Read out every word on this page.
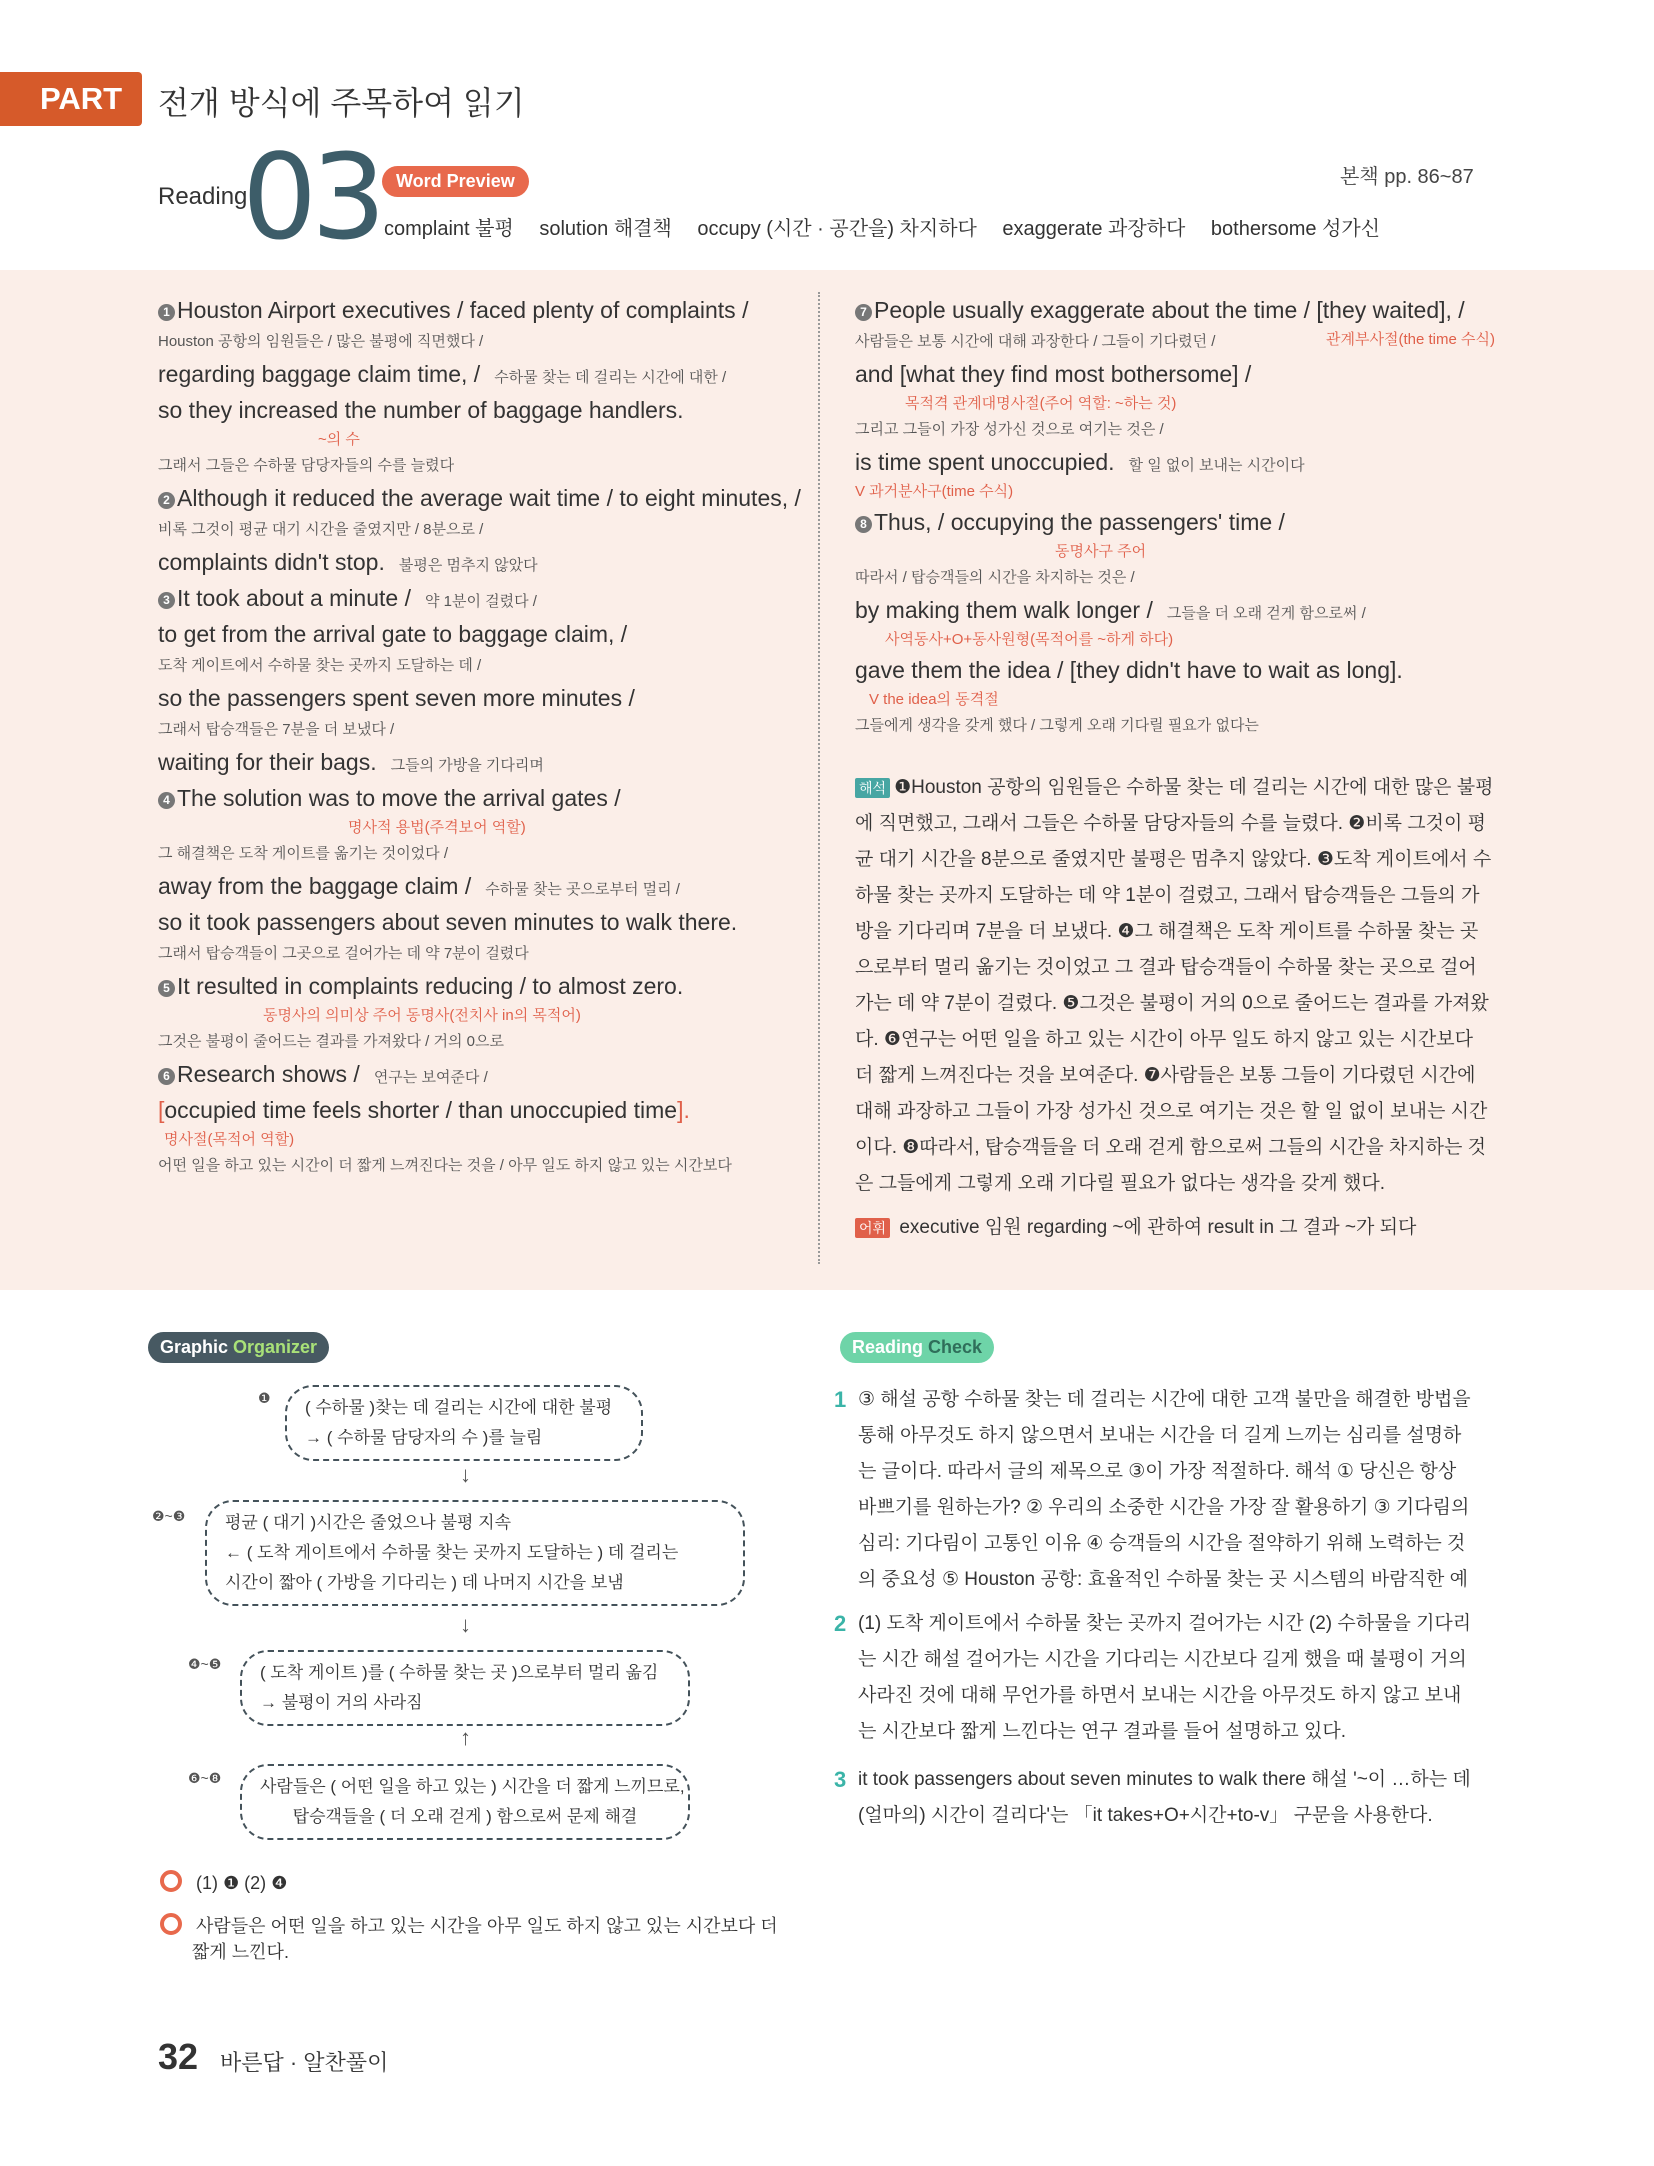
PART Ⅱ
전개 방식에 주목하여 읽기
Reading
03 Word Preview
complaint 불평 solution 해결책 occupy (시간 · 공간을) 차지하다 exaggerate 과장하다 bothersome 성가신
본책 pp. 86~87
1 Houston Airport executives / faced plenty of complaints /
Houston 공항의 임원들은 / 많은 불평에 직면했다 /
regarding baggage claim time, / 수하물 찾는 데 걸리는 시간에 대한 /
so they increased the number of baggage handlers.
~의 수
그래서 그들은 수하물 담당자들의 수를 늘렸다
2 Although it reduced the average wait time / to eight minutes, /
비록 그것이 평균 대기 시간을 줄였지만 / 8분으로 /
complaints didn't stop. 불평은 멈추지 않았다
3 It took about a minute / 약 1분이 걸렸다 /
to get from the arrival gate to baggage claim, /
도착 게이트에서 수하물 찾는 곳까지 도달하는 데 /
so the passengers spent seven more minutes /
그래서 탑승객들은 7분을 더 보냈다 /
waiting for their bags. 그들의 가방을 기다리며
4 The solution was to move the arrival gates /
명사적 용법(주격보어 역할)
그 해결책은 도착 게이트를 옮기는 것이었다 /
away from the baggage claim / 수하물 찾는 곳으로부터 멀리 /
so it took passengers about seven minutes to walk there.
그래서 탑승객들이 그곳으로 걸어가는 데 약 7분이 걸렸다
5 It resulted in complaints reducing / to almost zero.
동명사의 의미상 주어 동명사(전치사 in의 목적어)
그것은 불평이 줄어드는 결과를 가져왔다 / 거의 0으로
6 Research shows / 연구는 보여준다 /
[occupied time feels shorter / than unoccupied time].
명사절(목적어 역할)
어떤 일을 하고 있는 시간이 더 짧게 느껴진다는 것을 / 아무 일도 하지 않고 있는 시간보다
7 People usually exaggerate about the time / [they waited], /
사람들은 보통 시간에 대해 과장한다 / 그들이 기다렸던 /	관계부사절(the time 수식)
and [what they find most bothersome] /
목적격 관계대명사절(주어 역할: ~하는 것)
그리고 그들이 가장 성가신 것으로 여기는 것은 /
is time spent unoccupied. 할 일 없이 보내는 시간이다
V 과거분사구(time 수식)
8 Thus, / occupying the passengers' time /
동명사구 주어
따라서 / 탑승객들의 시간을 차지하는 것은 /
by making them walk longer / 그들을 더 오래 걷게 함으로써 /
사역동사+O+동사원형(목적어를 ~하게 하다)
gave them the idea / [they didn't have to wait as long].
V the idea의 동격절
그들에게 생각을 갖게 했다 / 그렇게 오래 기다릴 필요가 없다는
해석 ❶Houston 공항의 임원들은 수하물 찾는 데 걸리는 시간에 대한 많은 불평에 직면했고, 그래서 그들은 수하물 담당자들의 수를 늘렸다. ❷비록 그것이 평균 대기 시간을 8분으로 줄였지만 불평은 멈추지 않았다. ❸도착 게이트에서 수하물 찾는 곳까지 도달하는 데 약 1분이 걸렸고, 그래서 탑승객들은 그들의 가방을 기다리며 7분을 더 보냈다. ❹그 해결책은 도착 게이트를 수하물 찾는 곳으로부터 멀리 옮기는 것이었고 그 결과 탑승객들이 수하물 찾는 곳으로 걸어가는 데 약 7분이 걸렸다. ❺그것은 불평이 거의 0으로 줄어드는 결과를 가져왔다. ❻연구는 어떤 일을 하고 있는 시간이 아무 일도 하지 않고 있는 시간보다 더 짧게 느껴진다는 것을 보여준다. ❼사람들은 보통 그들이 기다렸던 시간에 대해 과장하고 그들이 가장 성가신 것으로 여기는 것은 할 일 없이 보내는 시간이다. ❽따라서, 탑승객들을 더 오래 걷게 함으로써 그들의 시간을 차지하는 것은 그들에게 그렇게 오래 기다릴 필요가 없다는 생각을 갖게 했다.
어휘 executive 임원 regarding ~에 관하여 result in 그 결과 ~가 되다
Graphic Organizer
❶ ( 수하물 )찾는 데 걸리는 시간에 대한 불평
→ ( 수하물 담당자의 수 )를 늘림
↓
❷~❸ 평균 ( 대기 )시간은 줄었으나 불평 지속
← ( 도착 게이트에서 수하물 찾는 곳까지 도달하는 ) 데 걸리는
시간이 짧아 ( 가방을 기다리는 ) 데 나머지 시간을 보냄
↓
❹~❺ ( 도착 게이트 )를 ( 수하물 찾는 곳 )으로부터 멀리 옮김
→ 불평이 거의 사라짐
↑
❻~❽ 사람들은 ( 어떤 일을 하고 있는 ) 시간을 더 짧게 느끼므로,
탑승객들을 ( 더 오래 걷게 ) 함으로써 문제 해결
(1) ❶ (2) ❹
사람들은 어떤 일을 하고 있는 시간을 아무 일도 하지 않고 있는 시간보다 더
짧게 느낀다.
Reading Check
1 ③ 해설 공항 수하물 찾는 데 걸리는 시간에 대한 고객 불만을 해결한 방법을 통해 아무것도 하지 않으면서 보내는 시간을 더 길게 느끼는 심리를 설명하는 글이다. 따라서 글의 제목으로 ③이 가장 적절하다. 해석 ① 당신은 항상 바쁘기를 원하는가? ② 우리의 소중한 시간을 가장 잘 활용하기 ③ 기다림의 심리: 기다림이 고통인 이유 ④ 승객들의 시간을 절약하기 위해 노력하는 것의 중요성 ⑤ Houston 공항: 효율적인 수하물 찾는 곳 시스템의 바람직한 예
2 (1) 도착 게이트에서 수하물 찾는 곳까지 걸어가는 시간 (2) 수하물을 기다리는 시간 해설 걸어가는 시간을 기다리는 시간보다 길게 했을 때 불평이 거의 사라진 것에 대해 무언가를 하면서 보내는 시간을 아무것도 하지 않고 보내는 시간보다 짧게 느낀다는 연구 결과를 들어 설명하고 있다.
3 it took passengers about seven minutes to walk there 해설 '~이 …하는 데 (얼마의) 시간이 걸리다'는 「it takes+O+시간+to-v」 구문을 사용한다.
32 바른답 · 알찬풀이
